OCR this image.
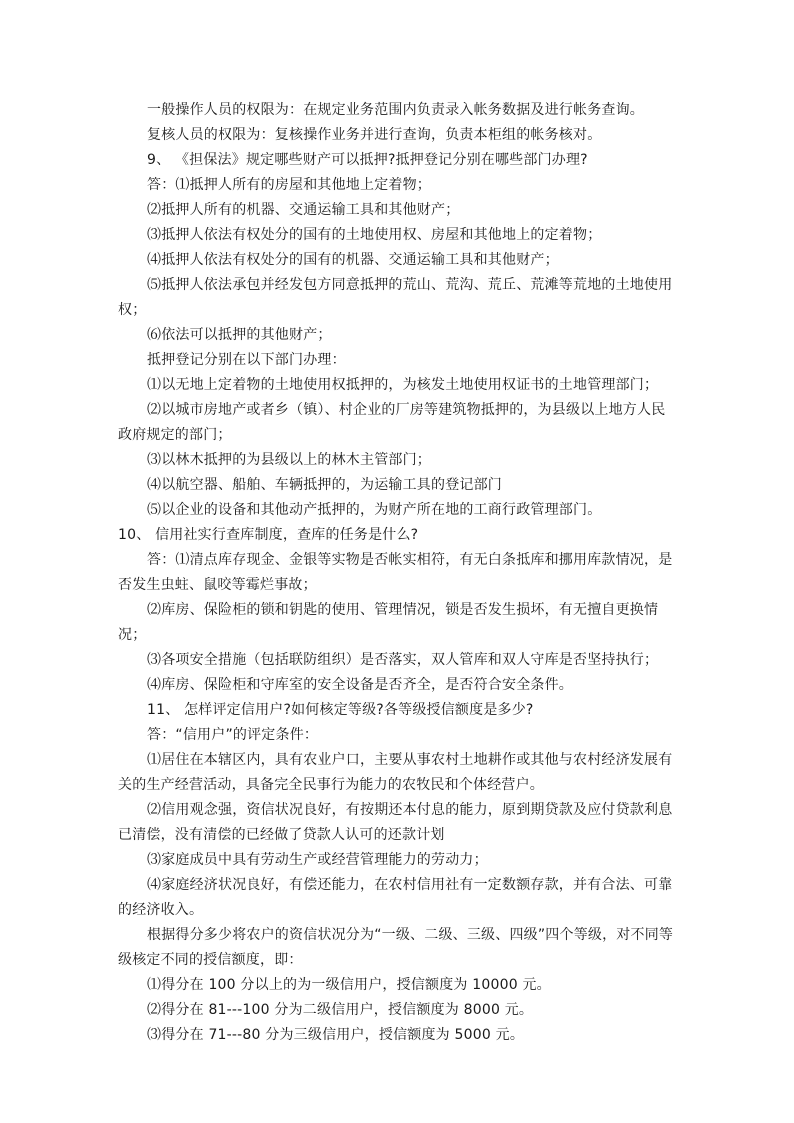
一般操作人员的权限为：在规定业务范围内负责录入帐务数据及进行帐务查询。

复核人员的权限为：复核操作业务并进行查询，负责本柜组的帐务核对。

9、 《担保法》规定哪些财产可以抵押?抵押登记分别在哪些部门办理?

答：⑴抵押人所有的房屋和其他地上定着物；

⑵抵押人所有的机器、交通运输工具和其他财产；

⑶抵押人依法有权处分的国有的土地使用权、房屋和其他地上的定着物；

⑷抵押人依法有权处分的国有的机器、交通运输工具和其他财产；

⑸抵押人依法承包并经发包方同意抵押的荒山、荒沟、荒丘、荒滩等荒地的土地使用权；

⑹依法可以抵押的其他财产；

抵押登记分别在以下部门办理：

⑴以无地上定着物的土地使用权抵押的，为核发土地使用权证书的土地管理部门；

⑵以城市房地产或者乡（镇）、村企业的厂房等建筑物抵押的，为县级以上地方人民政府规定的部门；

⑶以林木抵押的为县级以上的林木主管部门；

⑷以航空器、船舶、车辆抵押的，为运输工具的登记部门

⑸以企业的设备和其他动产抵押的，为财产所在地的工商行政管理部门。

10、 信用社实行查库制度，查库的任务是什么?

答：⑴清点库存现金、金银等实物是否帐实相符，有无白条抵库和挪用库款情况，是否发生虫蛀、鼠咬等霉烂事故；

⑵库房、保险柜的锁和钥匙的使用、管理情况，锁是否发生损坏，有无擅自更换情况；

⑶各项安全措施（包括联防组织）是否落实，双人管库和双人守库是否坚持执行；

⑷库房、保险柜和守库室的安全设备是否齐全，是否符合安全条件。

11、 怎样评定信用户?如何核定等级?各等级授信额度是多少?

答：“信用户”的评定条件：

⑴居住在本辖区内，具有农业户口，主要从事农村土地耕作或其他与农村经济发展有关的生产经营活动，具备完全民事行为能力的农牧民和个体经营户。

⑵信用观念强，资信状况良好，有按期还本付息的能力，原到期贷款及应付贷款利息已清偿，没有清偿的已经做了贷款人认可的还款计划

⑶家庭成员中具有劳动生产或经营管理能力的劳动力；

⑷家庭经济状况良好，有偿还能力，在农村信用社有一定数额存款，并有合法、可靠的经济收入。

根据得分多少将农户的资信状况分为“一级、二级、三级、四级”四个等级，对不同等级核定不同的授信额度，即：

⑴得分在 100 分以上的为一级信用户，授信额度为 10000 元。

⑵得分在 81---100 分为二级信用户，授信额度为 8000 元。

⑶得分在 71---80 分为三级信用户，授信额度为 5000 元。
